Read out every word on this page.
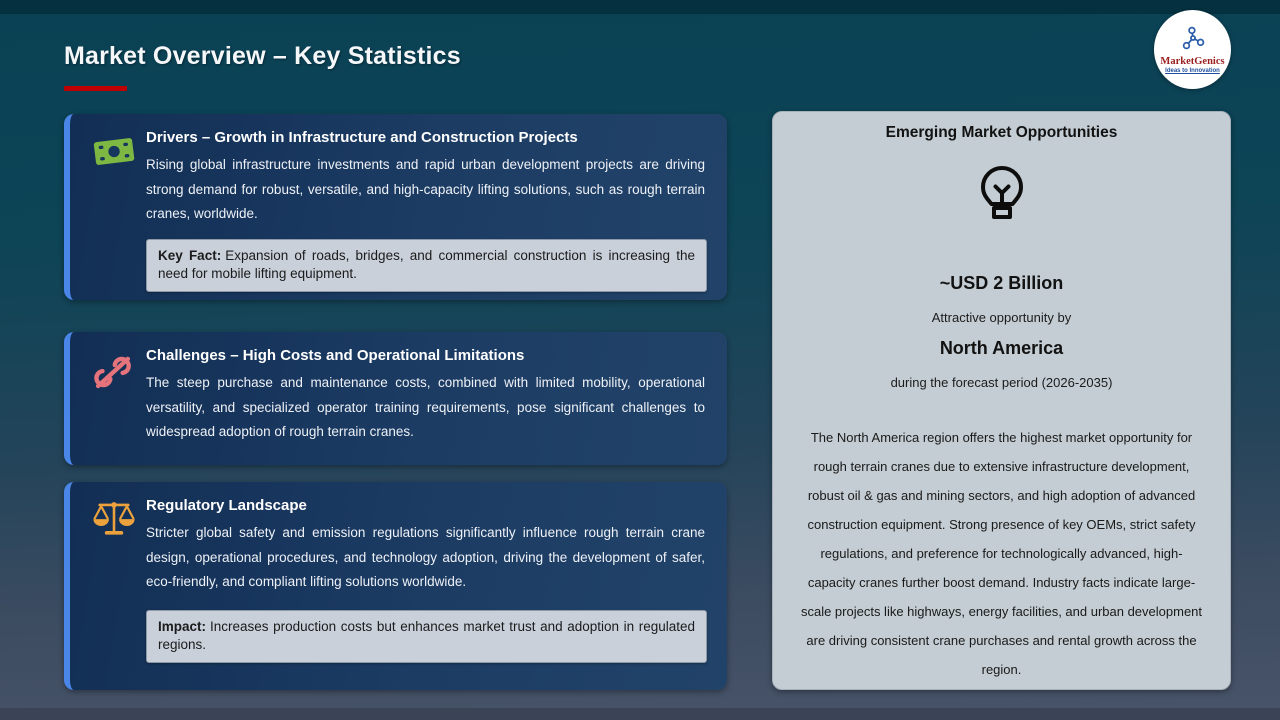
Market Overview – Key Statistics	MarketGenics
Ideas to Innovation
Drivers – Growth in Infrastructure and Construction Projects
Rising global infrastructure investments and rapid urban development projects are driving strong demand for robust, versatile, and high-capacity lifting solutions, such as rough terrain cranes, worldwide.
Key Fact: Expansion of roads, bridges, and commercial construction is increasing the need for mobile lifting equipment.
Challenges – High Costs and Operational Limitations
The steep purchase and maintenance costs, combined with limited mobility, operational versatility, and specialized operator training requirements, pose significant challenges to widespread adoption of rough terrain cranes.
Regulatory Landscape
Stricter global safety and emission regulations significantly influence rough terrain crane design, operational procedures, and technology adoption, driving the development of safer, eco-friendly, and compliant lifting solutions worldwide.
Impact: Increases production costs but enhances market trust and adoption in regulated regions.
Emerging Market Opportunities
~USD 2 Billion
Attractive opportunity by
North America
during the forecast period (2026-2035)
The North America region offers the highest market opportunity for rough terrain cranes due to extensive infrastructure development, robust oil & gas and mining sectors, and high adoption of advanced construction equipment. Strong presence of key OEMs, strict safety regulations, and preference for technologically advanced, high-capacity cranes further boost demand. Industry facts indicate large-scale projects like highways, energy facilities, and urban development are driving consistent crane purchases and rental growth across the region.
